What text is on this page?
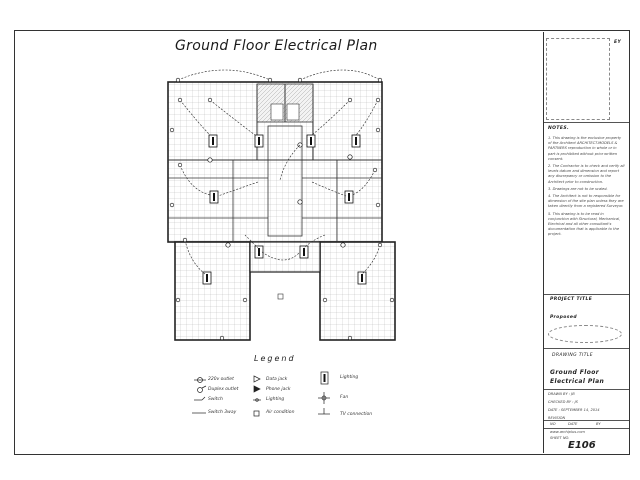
Ground Floor Electrical Plan
Legend
220v outlet
Duplex outlet
Switch
Switch 3way
Data jack
Phone jack
Lighting
Air condition
Lighting
Fan
TV connection
EY
NOTES.
1. This drawing is the exclusive property of the Architect ARCHITECT-MODELS & PARTNERS reproduction in whole or in part is prohibited without prior written consent.
2. The Contractor is to check and verify all levels datum and dimension and report any discrepancy or omission to the Architect prior to construction.
3. Drawings are not to be scaled.
4. The Architect is not to responsible for dimension of the site plan unless they are taken directly from a registered Surveyor.
5. This drawing is to be read in conjunction with Structural, Mechanical, Electrical and all other consultant's documentation that is applicable to the project.
PROJECT TITLE
Proposed
DRAWING TITLE
Ground Floor
Electrical Plan
DRAWN BY : JB
CHECKED BY : JS
DATE : SEPTEMBER 14, 2014
REVISION
NO	DATE	BY
www.archiplus.com
SHEET NO.
E106
